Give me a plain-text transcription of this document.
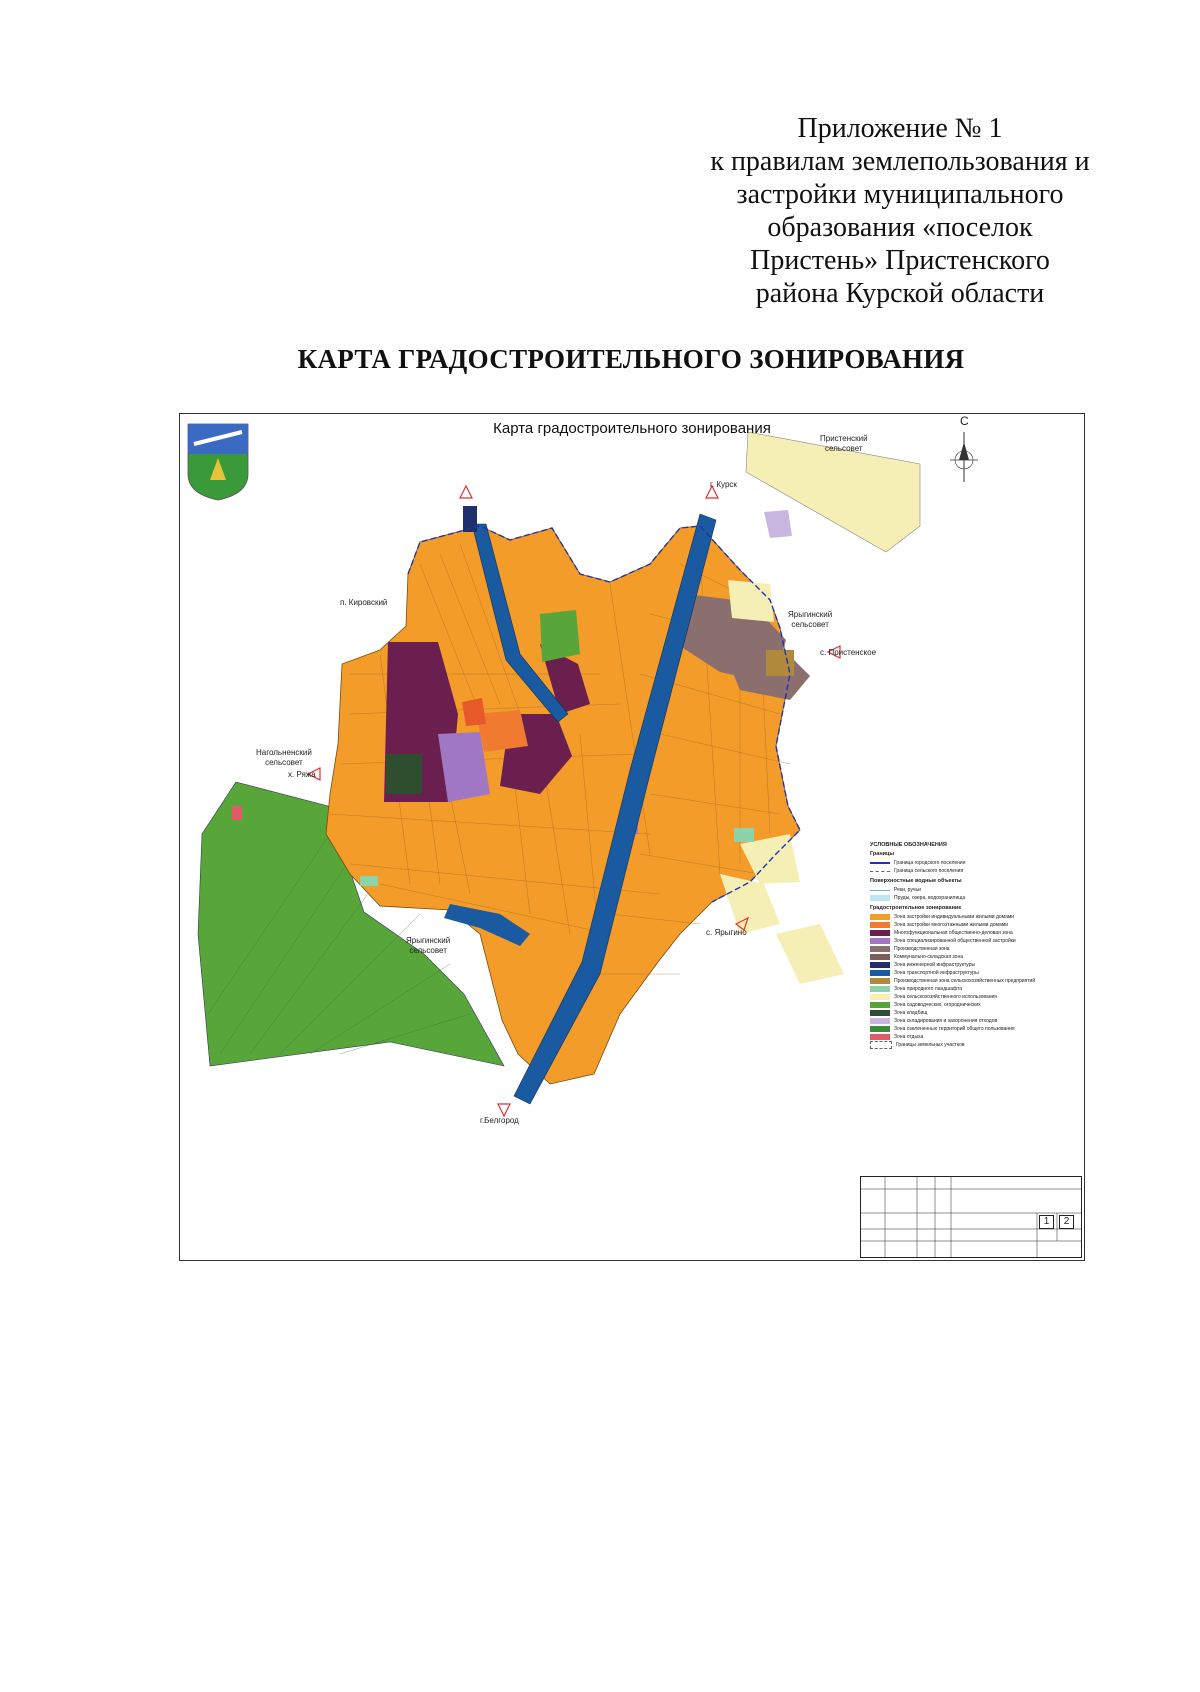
Приложение № 1
к правилам землепользования и
застройки муниципального
образования «поселок
Пристень» Пристенского
района Курской области
КАРТА ГРАДОСТРОИТЕЛЬНОГО ЗОНИРОВАНИЯ
Карта градостроительного зонирования	С
Пристенский
сельсовет
г. Курск
п. Кировский
Ярыгинский
сельсовет
с. Пристенское
Нагольненский
сельсовет
х. Ряжа
Ярыгинский
сельсовет
с. Ярыгино
г.Белгород
УСЛОВНЫЕ ОБОЗНАЧЕНИЯ
Границы
Граница городского поселения
Граница сельского поселения
Поверхностные водные объекты
Реки, ручьи
Пруды, озера, водохранилища
Градостроительное зонирование
Зона застройки индивидуальными жилыми домами
Зона застройки многоэтажными жилыми домами
Многофункциональная общественно-деловая зона
Зона специализированной общественной застройки
Производственная зона
Коммунально-складская зона
Зона инженерной инфраструктуры
Зона транспортной инфраструктуры
Производственная зона сельскохозяйственных предприятий
Зона природного ландшафта
Зона сельскохозяйственного использования
Зона садоводческих, огороднических
Зона кладбищ
Зона складирования и захоронения отходов
Зона озелененных территорий общего пользования
Зона отдыха
Границы земельных участков
1	2
